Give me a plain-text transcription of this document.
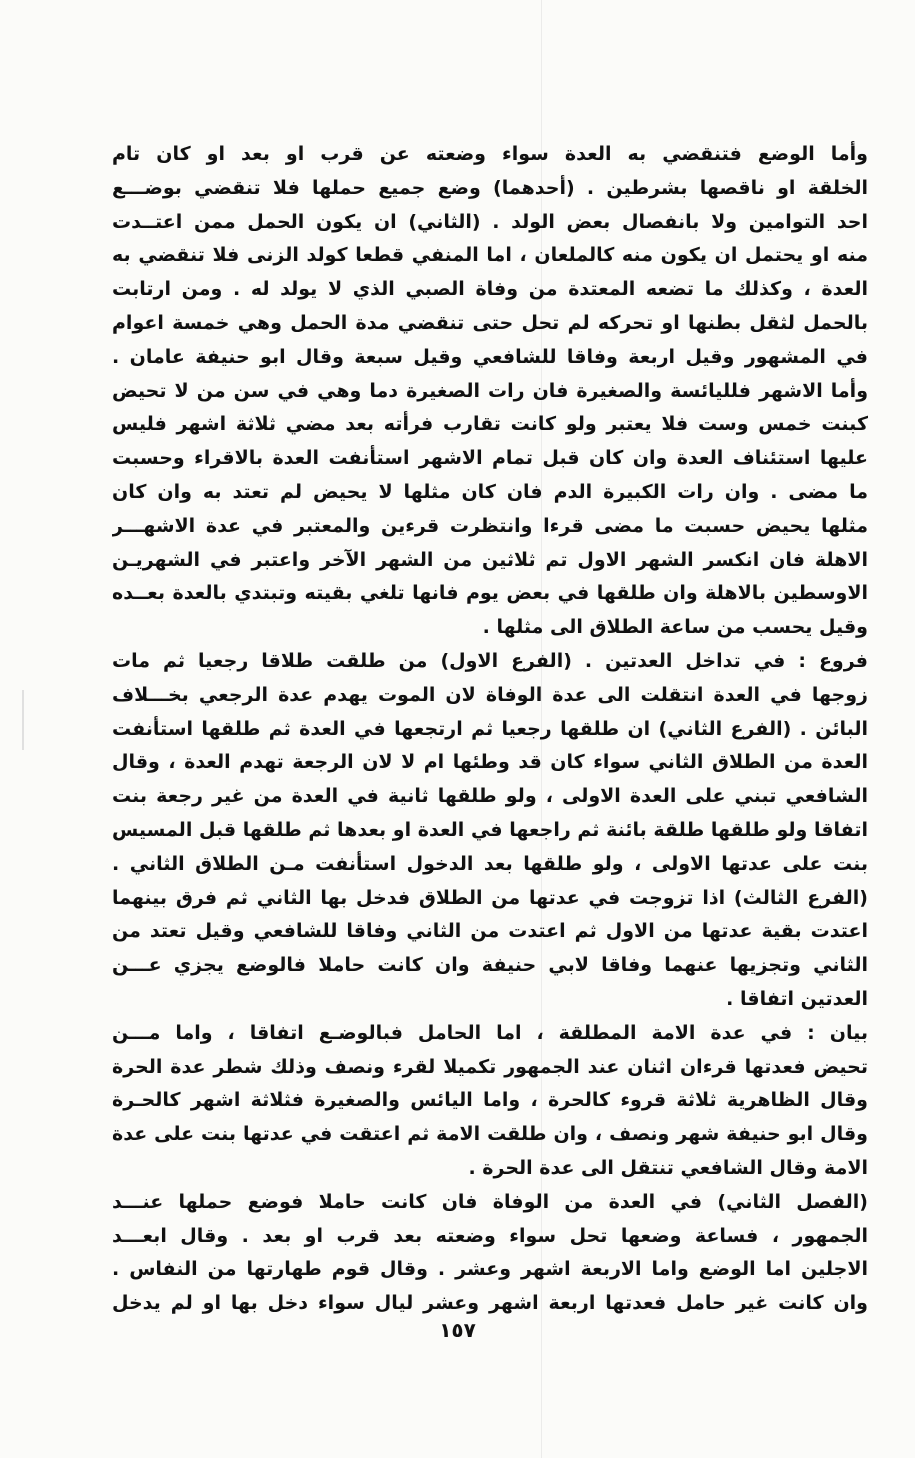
وأما الوضع فتنقضي به العدة سواء وضعته عن قرب او بعد او كان تام
الخلقة او ناقصها بشرطين . (أحدهما) وضع جميع حملها فلا تنقضي بوضـــع
احد التوامين ولا بانفصال بعض الولد . (الثاني) ان يكون الحمل ممن اعتــدت
منه او يحتمل ان يكون منه كالملعان ، اما المنفي قطعا كولد الزنى فلا تنقضي به
العدة ، وكذلك ما تضعه المعتدة من وفاة الصبي الذي لا يولد له . ومن ارتابت
بالحمل لثقل بطنها او تحركه لم تحل حتى تنقضي مدة الحمل وهي خمسة اعوام
في المشهور وقيل اربعة وفاقا للشافعي وقيل سبعة وقال ابو حنيفة عامان .
وأما الاشهر فلليائسة والصغيرة فان رات الصغيرة دما وهي في سن من لا تحيض
كبنت خمس وست فلا يعتبر ولو كانت تقارب فرأته بعد مضي ثلاثة اشهر فليس
عليها استئناف العدة وان كان قبل تمام الاشهر استأنفت العدة بالاقراء وحسبت
ما مضى . وان رات الكبيرة الدم فان كان مثلها لا يحيض لم تعتد به وان كان
مثلها يحيض حسبت ما مضى قرءا وانتظرت قرءين والمعتبر في عدة الاشهـــر
الاهلة فان انكسر الشهر الاول تم ثلاثين من الشهر الآخر واعتبر في الشهريـن
الاوسطين بالاهلة وان طلقها في بعض يوم فانها تلغي بقيته وتبتدي بالعدة بعــده
وقيل يحسب من ساعة الطلاق الى مثلها .
فروع : في تداخل العدتين . (الفرع الاول) من طلقت طلاقا رجعيا ثم مات
زوجها في العدة انتقلت الى عدة الوفاة لان الموت يهدم عدة الرجعي بخـــلاف
البائن . (الفرع الثاني) ان طلقها رجعيا ثم ارتجعها في العدة ثم طلقها استأنفت
العدة من الطلاق الثاني سواء كان قد وطئها ام لا لان الرجعة تهدم العدة ، وقال
الشافعي تبني على العدة الاولى ، ولو طلقها ثانية في العدة من غير رجعة بنت
اتفاقا ولو طلقها طلقة بائنة ثم راجعها في العدة او بعدها ثم طلقها قبل المسيس
بنت على عدتها الاولى ، ولو طلقها بعد الدخول استأنفت مـن الطلاق الثاني .
(الفرع الثالث) اذا تزوجت في عدتها من الطلاق فدخل بها الثاني ثم فرق بينهما
اعتدت بقية عدتها من الاول ثم اعتدت من الثاني وفاقا للشافعي وقيل تعتد من
الثاني وتجزيها عنهما وفاقا لابي حنيفة وان كانت حاملا فالوضع يجزي عـــن
العدتين اتفاقا .
بيان : في عدة الامة المطلقة ، اما الحامل فبالوضـع اتفاقا ، واما مـــن
تحيض فعدتها قرءان اثنان عند الجمهور تكميلا لقرء ونصف وذلك شطر عدة الحرة
وقال الظاهرية ثلاثة قروء كالحرة ، واما اليائس والصغيرة فثلاثة اشهر كالحـرة
وقال ابو حنيفة شهر ونصف ، وان طلقت الامة ثم اعتقت في عدتها بنت على عدة
الامة وقال الشافعي تنتقل الى عدة الحرة .
(الفصل الثاني) في العدة من الوفاة فان كانت حاملا فوضع حملها عنـــد
الجمهور ، فساعة وضعها تحل سواء وضعته بعد قرب او بعد . وقال ابعـــد
الاجلين اما الوضع واما الاربعة اشهر وعشر . وقال قوم طهارتها من النفاس .
وان كانت غير حامل فعدتها اربعة اشهر وعشر ليال سواء دخل بها او لم يدخل
١٥٧
